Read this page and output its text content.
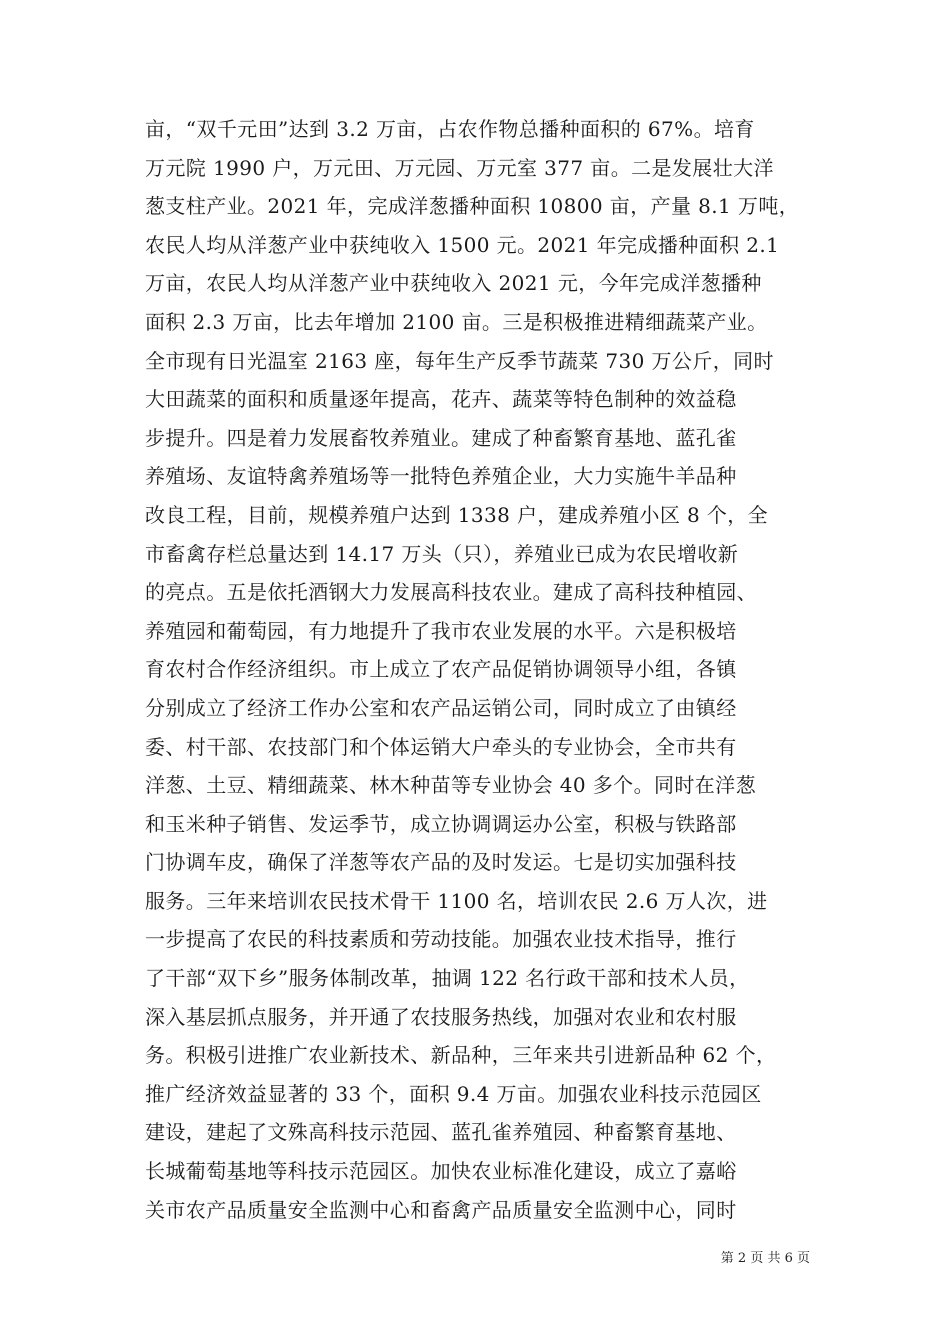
亩，“双千元田”达到 3.2 万亩，占农作物总播种面积的 67%。培育
万元院 1990 户，万元田、万元园、万元室 377 亩。二是发展壮大洋
葱支柱产业。2021 年，完成洋葱播种面积 10800 亩，产量 8.1 万吨，
农民人均从洋葱产业中获纯收入 1500 元。2021 年完成播种面积 2.1
万亩，农民人均从洋葱产业中获纯收入 2021 元，今年完成洋葱播种
面积 2.3 万亩，比去年增加 2100 亩。三是积极推进精细蔬菜产业。
全市现有日光温室 2163 座，每年生产反季节蔬菜 730 万公斤，同时
大田蔬菜的面积和质量逐年提高，花卉、蔬菜等特色制种的效益稳
步提升。四是着力发展畜牧养殖业。建成了种畜繁育基地、蓝孔雀
养殖场、友谊特禽养殖场等一批特色养殖企业，大力实施牛羊品种
改良工程，目前，规模养殖户达到 1338 户，建成养殖小区 8 个，全
市畜禽存栏总量达到 14.17 万头（只），养殖业已成为农民增收新
的亮点。五是依托酒钢大力发展高科技农业。建成了高科技种植园、
养殖园和葡萄园，有力地提升了我市农业发展的水平。六是积极培
育农村合作经济组织。市上成立了农产品促销协调领导小组，各镇
分别成立了经济工作办公室和农产品运销公司，同时成立了由镇经
委、村干部、农技部门和个体运销大户牵头的专业协会，全市共有
洋葱、土豆、精细蔬菜、林木种苗等专业协会 40 多个。同时在洋葱
和玉米种子销售、发运季节，成立协调调运办公室，积极与铁路部
门协调车皮，确保了洋葱等农产品的及时发运。七是切实加强科技
服务。三年来培训农民技术骨干 1100 名，培训农民 2.6 万人次，进
一步提高了农民的科技素质和劳动技能。加强农业技术指导，推行
了干部“双下乡”服务体制改革，抽调 122 名行政干部和技术人员，
深入基层抓点服务，并开通了农技服务热线，加强对农业和农村服
务。积极引进推广农业新技术、新品种，三年来共引进新品种 62 个，
推广经济效益显著的 33 个，面积 9.4 万亩。加强农业科技示范园区
建设，建起了文殊高科技示范园、蓝孔雀养殖园、种畜繁育基地、
长城葡萄基地等科技示范园区。加快农业标准化建设，成立了嘉峪
关市农产品质量安全监测中心和畜禽产品质量安全监测中心，同时
第 2 页 共 6 页
